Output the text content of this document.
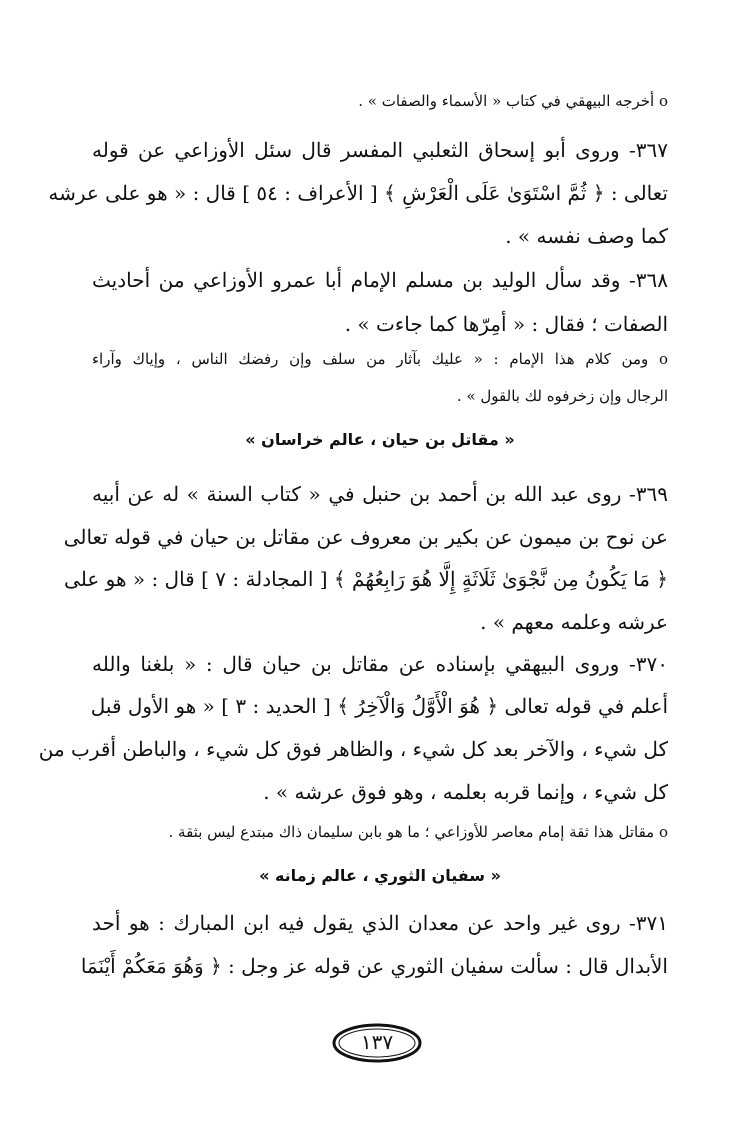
o أخرجه البيهقي في كتاب « الأسماء والصفات » .
٣٦٧- وروى أبو إسحاق الثعلبي المفسر قال سئل الأوزاعي عن قوله
تعالى : ﴿ ثُمَّ اسْتَوَىٰ عَلَى الْعَرْشِ ﴾ [ الأعراف : ٥٤ ] قال : « هو على عرشه
كما وصف نفسه » .
٣٦٨- وقد سأل الوليد بن مسلم الإمام أبا عمرو الأوزاعي من أحاديث
الصفات ؛ فقال : « أمِرّها كما جاءت » .
o ومن كلام هذا الإمام : « عليك بآثار من سلف وإن رفضك الناس ، وإياك وآراء
الرجال وإن زخرفوه لك بالقول » .
« مقاتل بن حيان ، عالم خراسان »
٣٦٩- روى عبد الله بن أحمد بن حنبل في « كتاب السنة » له عن أبيه
عن نوح بن ميمون عن بكير بن معروف عن مقاتل بن حيان في قوله تعالى
﴿ مَا يَكُونُ مِن نَّجْوَىٰ ثَلَاثَةٍ إِلَّا هُوَ رَابِعُهُمْ ﴾ [ المجادلة : ٧ ] قال : « هو على
عرشه وعلمه معهم » .
٣٧٠- وروى البيهقي بإسناده عن مقاتل بن حيان قال : « بلغنا والله
أعلم في قوله تعالى ﴿ هُوَ الْأَوَّلُ وَالْآخِرُ ﴾ [ الحديد : ٣ ] « هو الأول قبل
كل شيء ، والآخر بعد كل شيء ، والظاهر فوق كل شيء ، والباطن أقرب من
كل شيء ، وإنما قربه بعلمه ، وهو فوق عرشه » .
o مقاتل هذا ثقة إمام معاصر للأوزاعي ؛ ما هو بابن سليمان ذاك مبتدع ليس بثقة .
« سفيان الثوري ، عالم زمانه »
٣٧١- روى غير واحد عن معدان الذي يقول فيه ابن المبارك : هو أحد
الأبدال قال : سألت سفيان الثوري عن قوله عز وجل : ﴿ وَهُوَ مَعَكُمْ أَيْنَمَا
١٣٧
